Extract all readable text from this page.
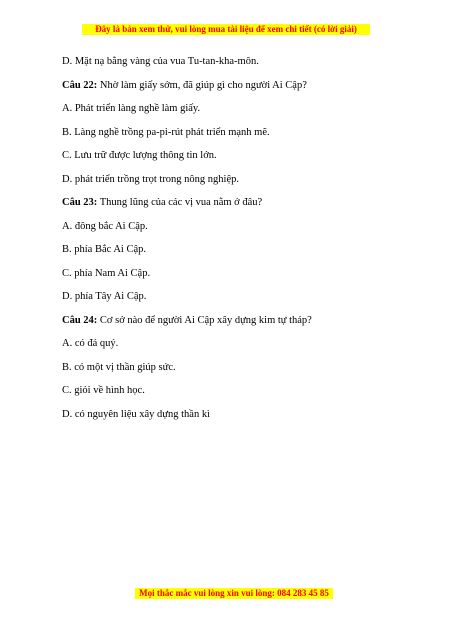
Đây là bản xem thử, vui lòng mua tài liệu để xem chi tiết (có lời giải)
D. Mặt nạ bằng vàng của vua Tu-tan-kha-môn.
Câu 22: Nhờ làm giấy sớm, đã giúp gì cho người Ai Cập?
A. Phát triển làng nghề làm giấy.
B. Làng nghề trồng pa-pi-rút phát triển mạnh mẽ.
C. Lưu trữ được lượng thông tin lớn.
D. phát triển trồng trọt trong nông nghiệp.
Câu 23: Thung lũng của các vị vua nằm ở đâu?
A. đông bắc Ai Cập.
B. phía Bắc Ai Cập.
C. phía Nam Ai Cập.
D. phía Tây Ai Cập.
Câu 24: Cơ sở nào để người Ai Cập xây dựng kim tự tháp?
A. có đá quý.
B. có một vị thần giúp sức.
C. giỏi về hình học.
D. có nguyên liệu xây dựng thần kì
Mọi thắc mắc vui lòng xin vui lòng: 084 283 45 85
